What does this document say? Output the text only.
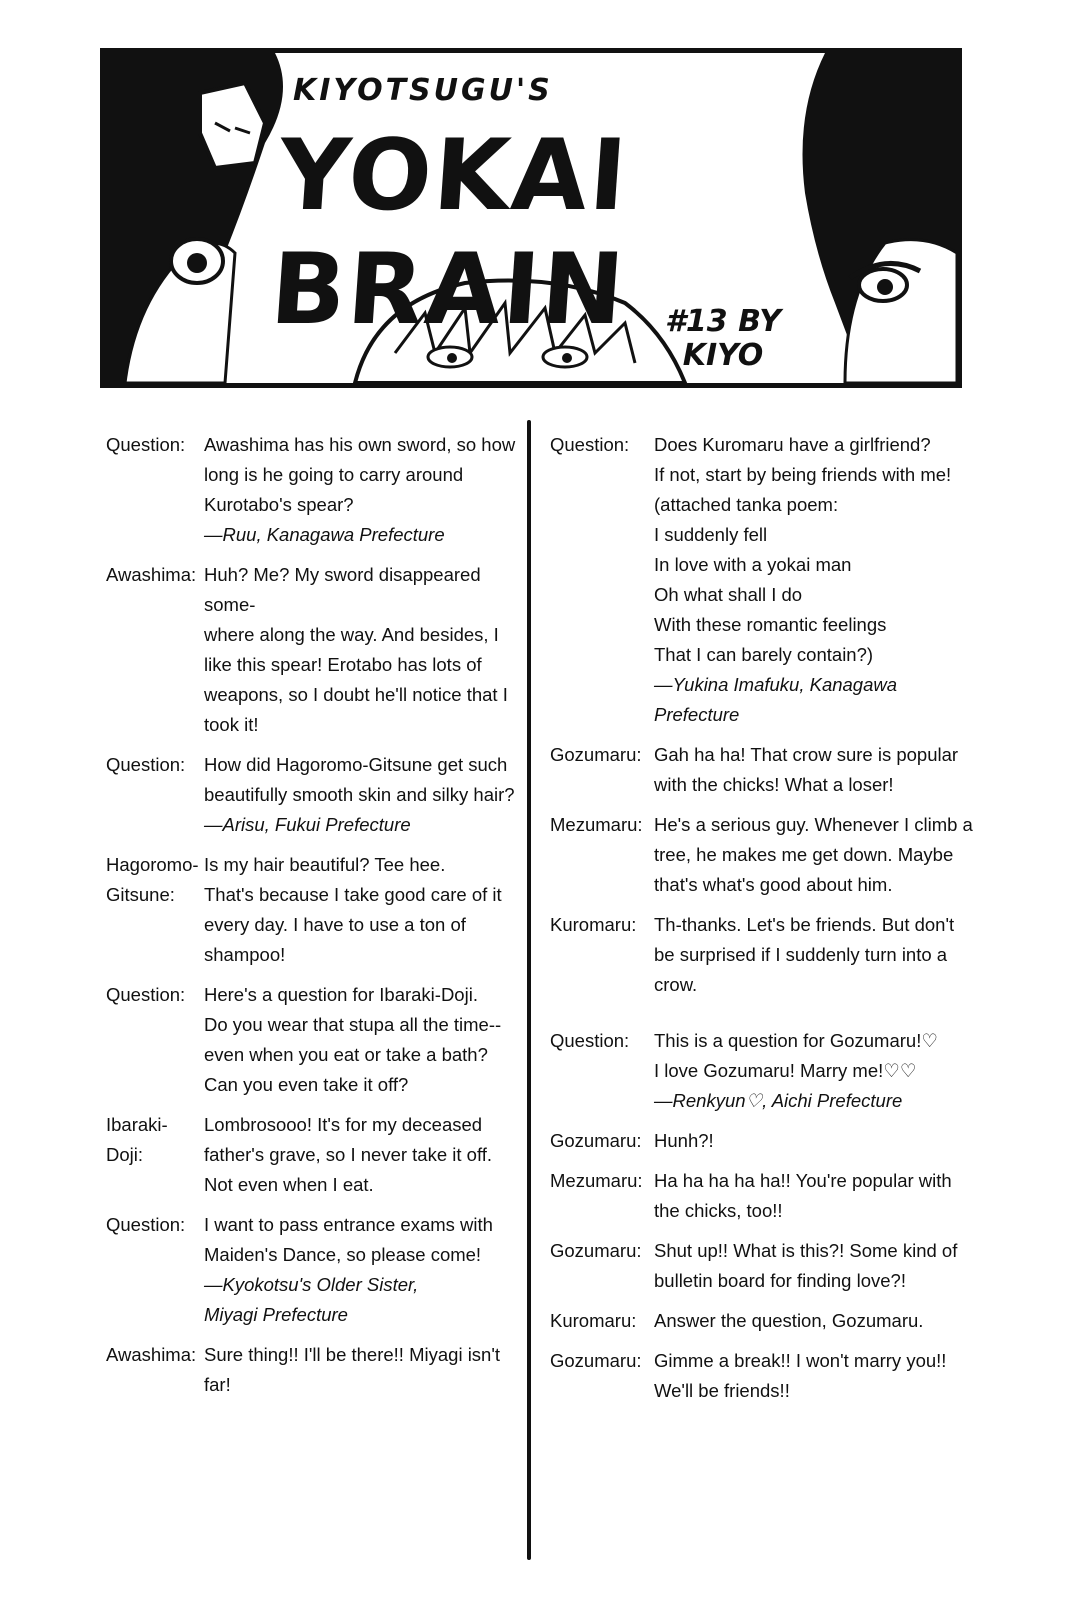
KIYOTSUGU'S
YOKAI BRAIN	#13 BY
KIYO
Question:	Awashima has his own sword, so how long is he going to carry around Kurotabo's spear?
—Ruu, Kanagawa Prefecture
Awashima: Huh? Me? My sword disappeared some-
where along the way. And besides, I like this spear! Erotabo has lots of weapons, so I doubt he'll notice that I took it!
Question:	How did Hagoromo-Gitsune get such beautifully smooth skin and silky hair?
—Arisu, Fukui Prefecture
Hagoromo-
Gitsune:
Is my hair beautiful? Tee hee.
That's because I take good care of it every day. I have to use a ton of shampoo!
Question:	Here's a question for Ibaraki-Doji.
Do you wear that stupa all the time--
even when you eat or take a bath?
Can you even take it off?
Ibaraki-Doji:
Lombrosooo! It's for my deceased father's grave, so I never take it off.
Not even when I eat.
Question:	I want to pass entrance exams with Maiden's Dance, so please come!
—Kyokotsu's Older Sister,
Miyagi Prefecture
Awashima: Sure thing!! I'll be there!! Miyagi isn't far!
Question:	Does Kuromaru have a girlfriend?
If not, start by being friends with me!
(attached tanka poem:
I suddenly fell
In love with a yokai man
Oh what shall I do
With these romantic feelings
That I can barely contain?)
—Yukina Imafuku, Kanagawa Prefecture
Gozumaru: Gah ha ha! That crow sure is popular with the chicks! What a loser!
Mezumaru: He's a serious guy. Whenever I climb a tree, he makes me get down. Maybe that's what's good about him.
Kuromaru: Th-thanks. Let's be friends. But don't be surprised if I suddenly turn into a crow.
Question:	This is a question for Gozumaru!♡
I love Gozumaru! Marry me!♡♡
—Renkyun♡, Aichi Prefecture
Gozumaru: Hunh?!
Mezumaru: Ha ha ha ha ha!! You're popular with the chicks, too!!
Gozumaru: Shut up!! What is this?! Some kind of bulletin board for finding love?!
Kuromaru: Answer the question, Gozumaru.
Gozumaru: Gimme a break!! I won't marry you!!
We'll be friends!!
